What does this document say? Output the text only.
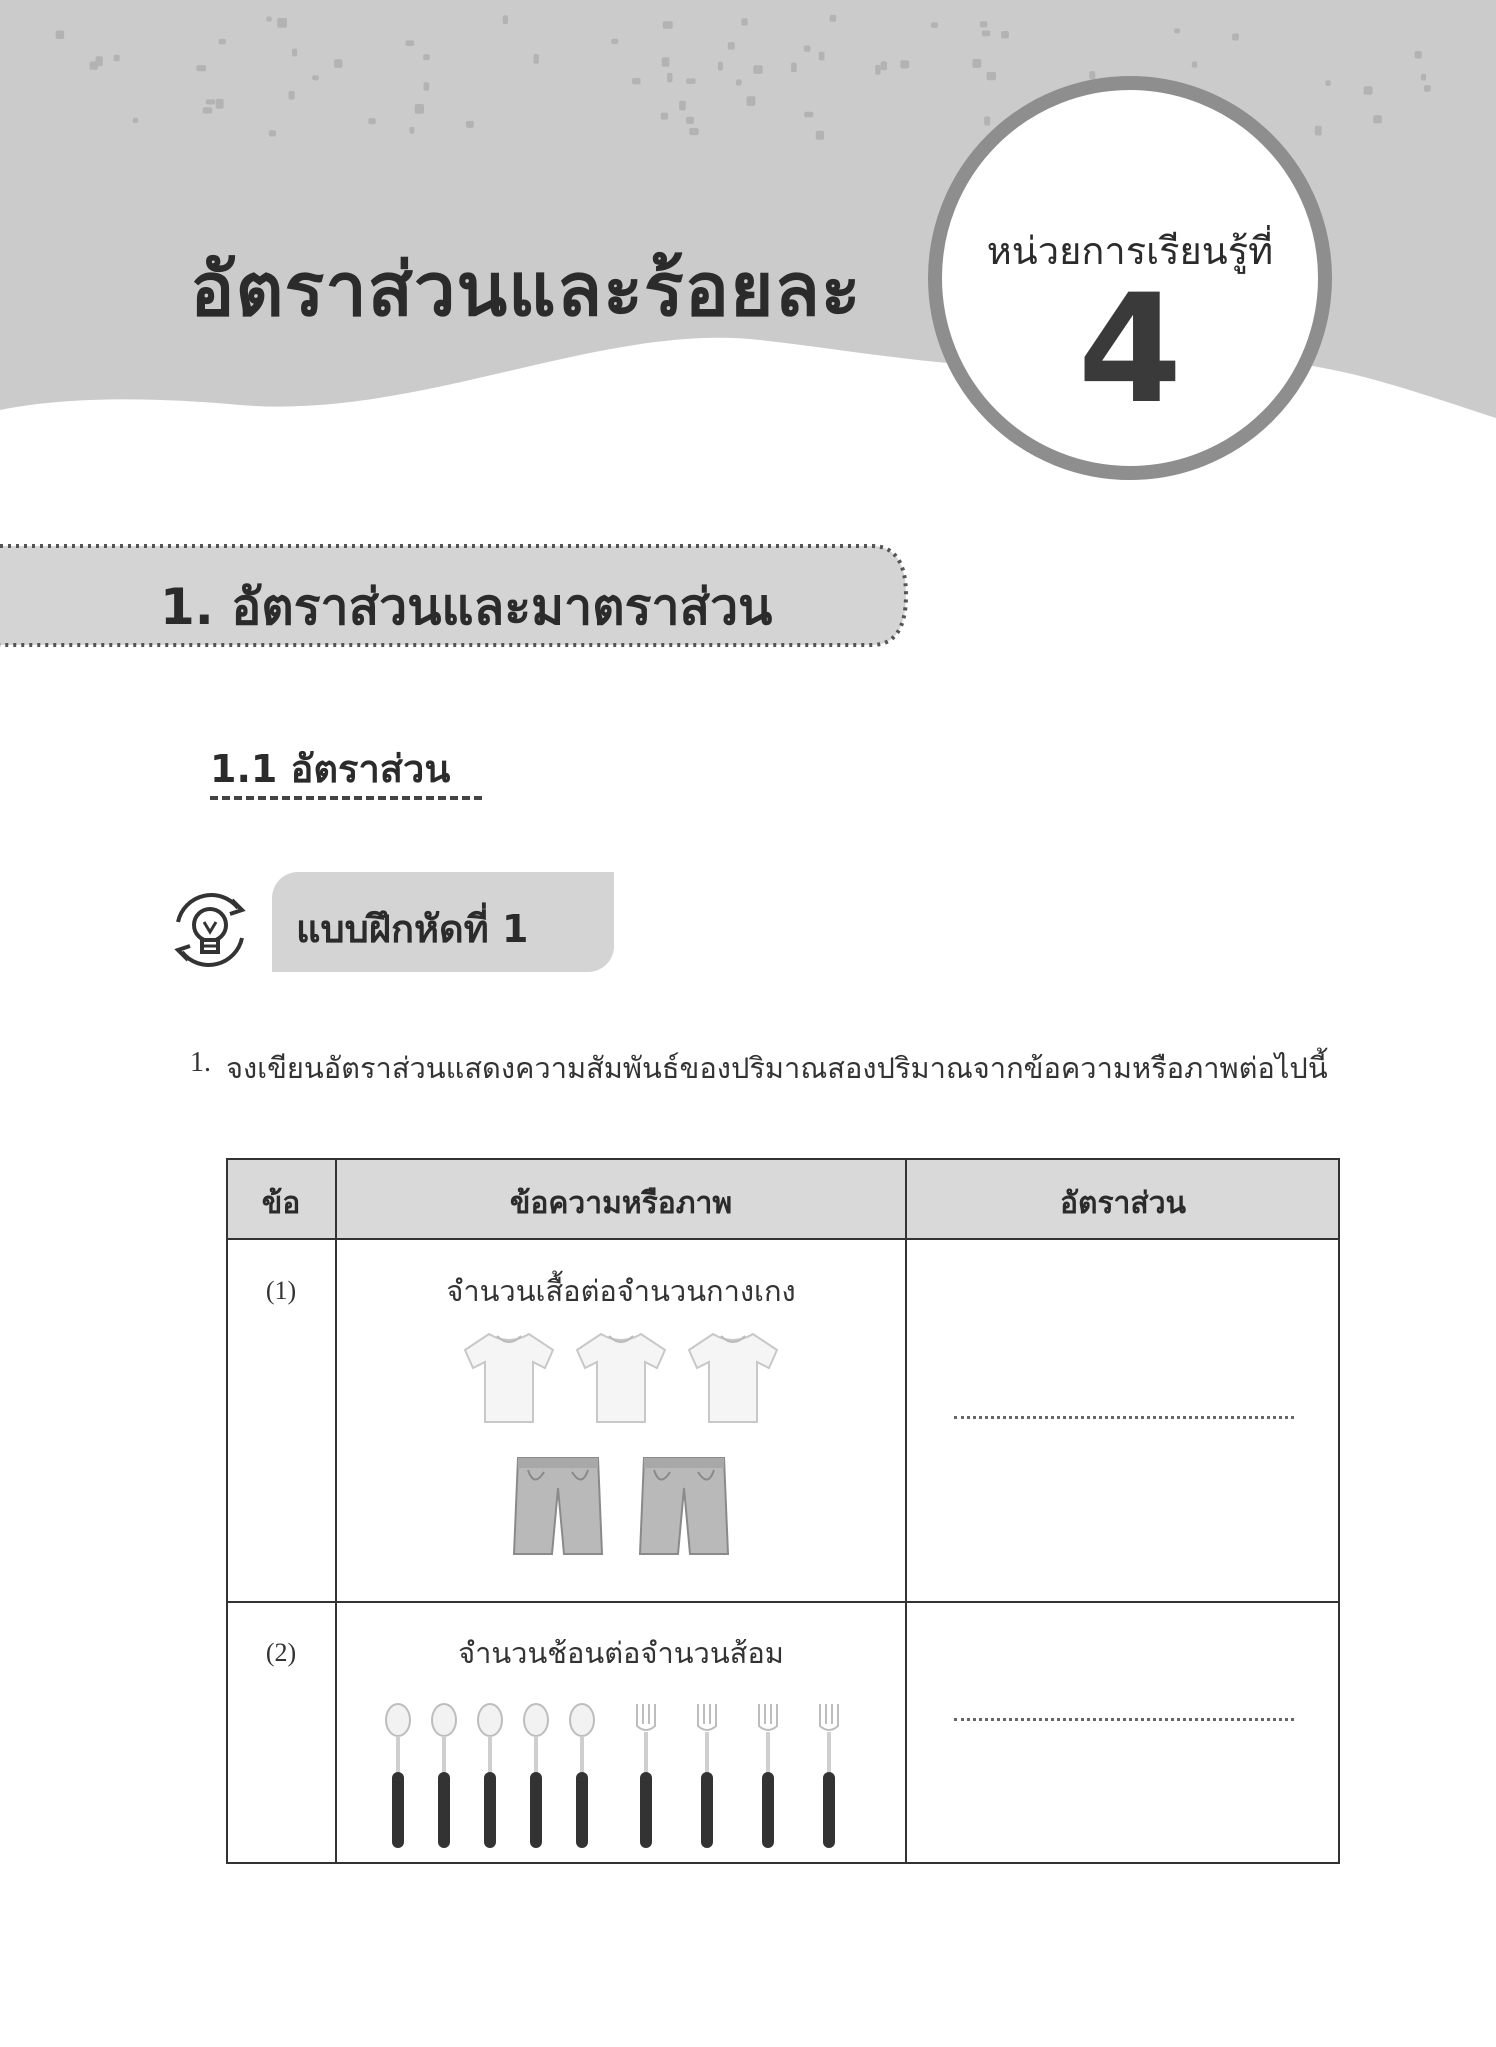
อัตราส่วนและร้อยละ	หน่วยการเรียนรู้ที่
4
1. อัตราส่วนและมาตราส่วน
1.1 อัตราส่วน
แบบฝึกหัดที่ 1
1. จงเขียนอัตราส่วนแสดงความสัมพันธ์ของปริมาณสองปริมาณจากข้อความหรือภาพต่อไปนี้
ข้อ	ข้อความหรือภาพ	อัตราส่วน
(1)	จำนวนเสื้อต่อจำนวนกางเกง
(2)	จำนวนช้อนต่อจำนวนส้อม
